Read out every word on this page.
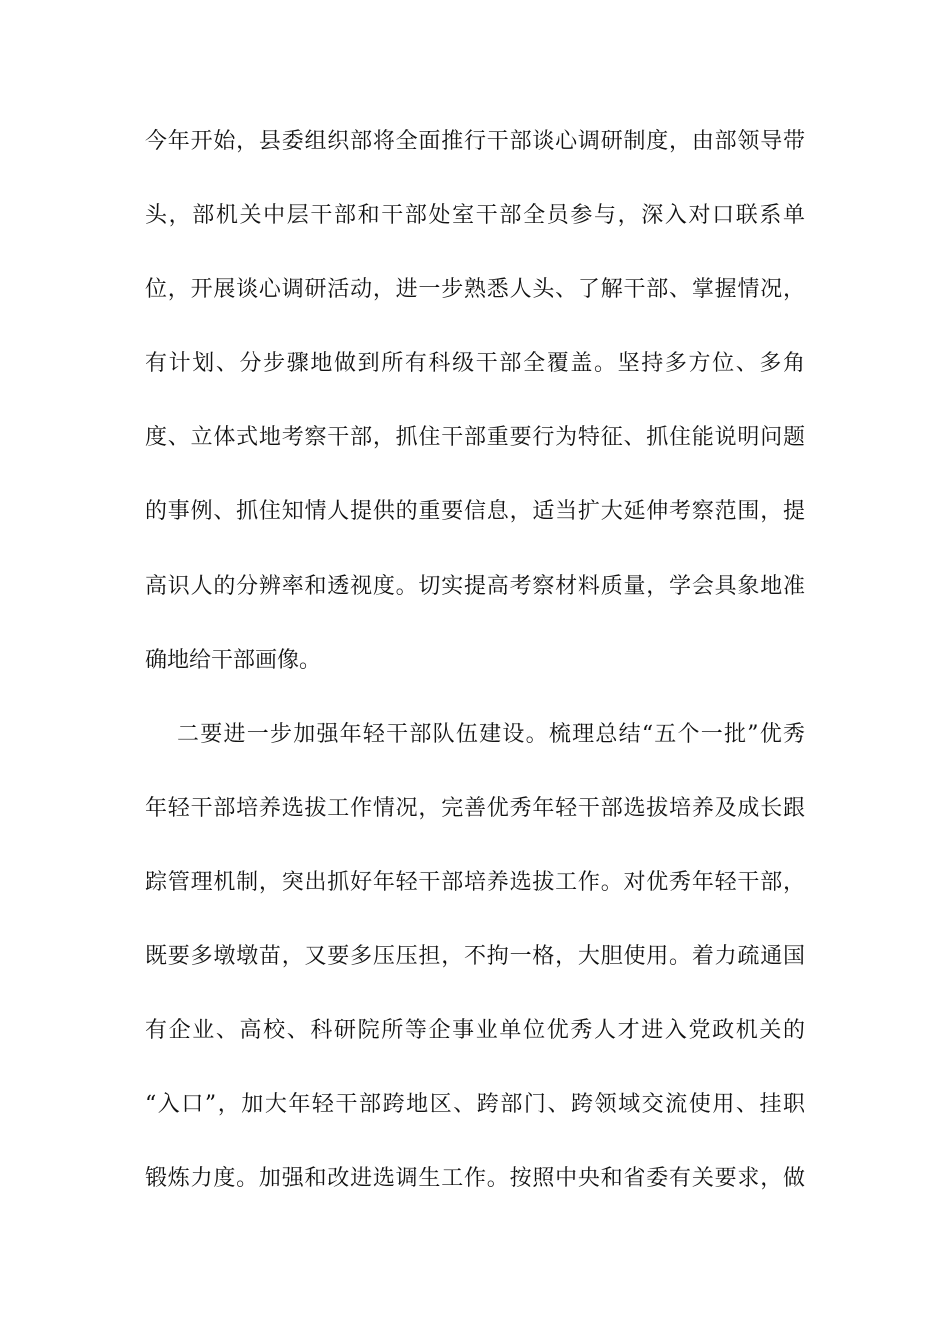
今年开始，县委组织部将全面推行干部谈心调研制度，由部领导带
头，部机关中层干部和干部处室干部全员参与，深入对口联系单
位，开展谈心调研活动，进一步熟悉人头、了解干部、掌握情况，
有计划、分步骤地做到所有科级干部全覆盖。坚持多方位、多角
度、立体式地考察干部，抓住干部重要行为特征、抓住能说明问题
的事例、抓住知情人提供的重要信息，适当扩大延伸考察范围，提
高识人的分辨率和透视度。切实提高考察材料质量，学会具象地准
确地给干部画像。
二要进一步加强年轻干部队伍建设。梳理总结“五个一批”优秀
年轻干部培养选拔工作情况，完善优秀年轻干部选拔培养及成长跟
踪管理机制，突出抓好年轻干部培养选拔工作。对优秀年轻干部，
既要多墩墩苗，又要多压压担，不拘一格，大胆使用。着力疏通国
有企业、高校、科研院所等企事业单位优秀人才进入党政机关的
“入口”，加大年轻干部跨地区、跨部门、跨领域交流使用、挂职
锻炼力度。加强和改进选调生工作。按照中央和省委有关要求，做
